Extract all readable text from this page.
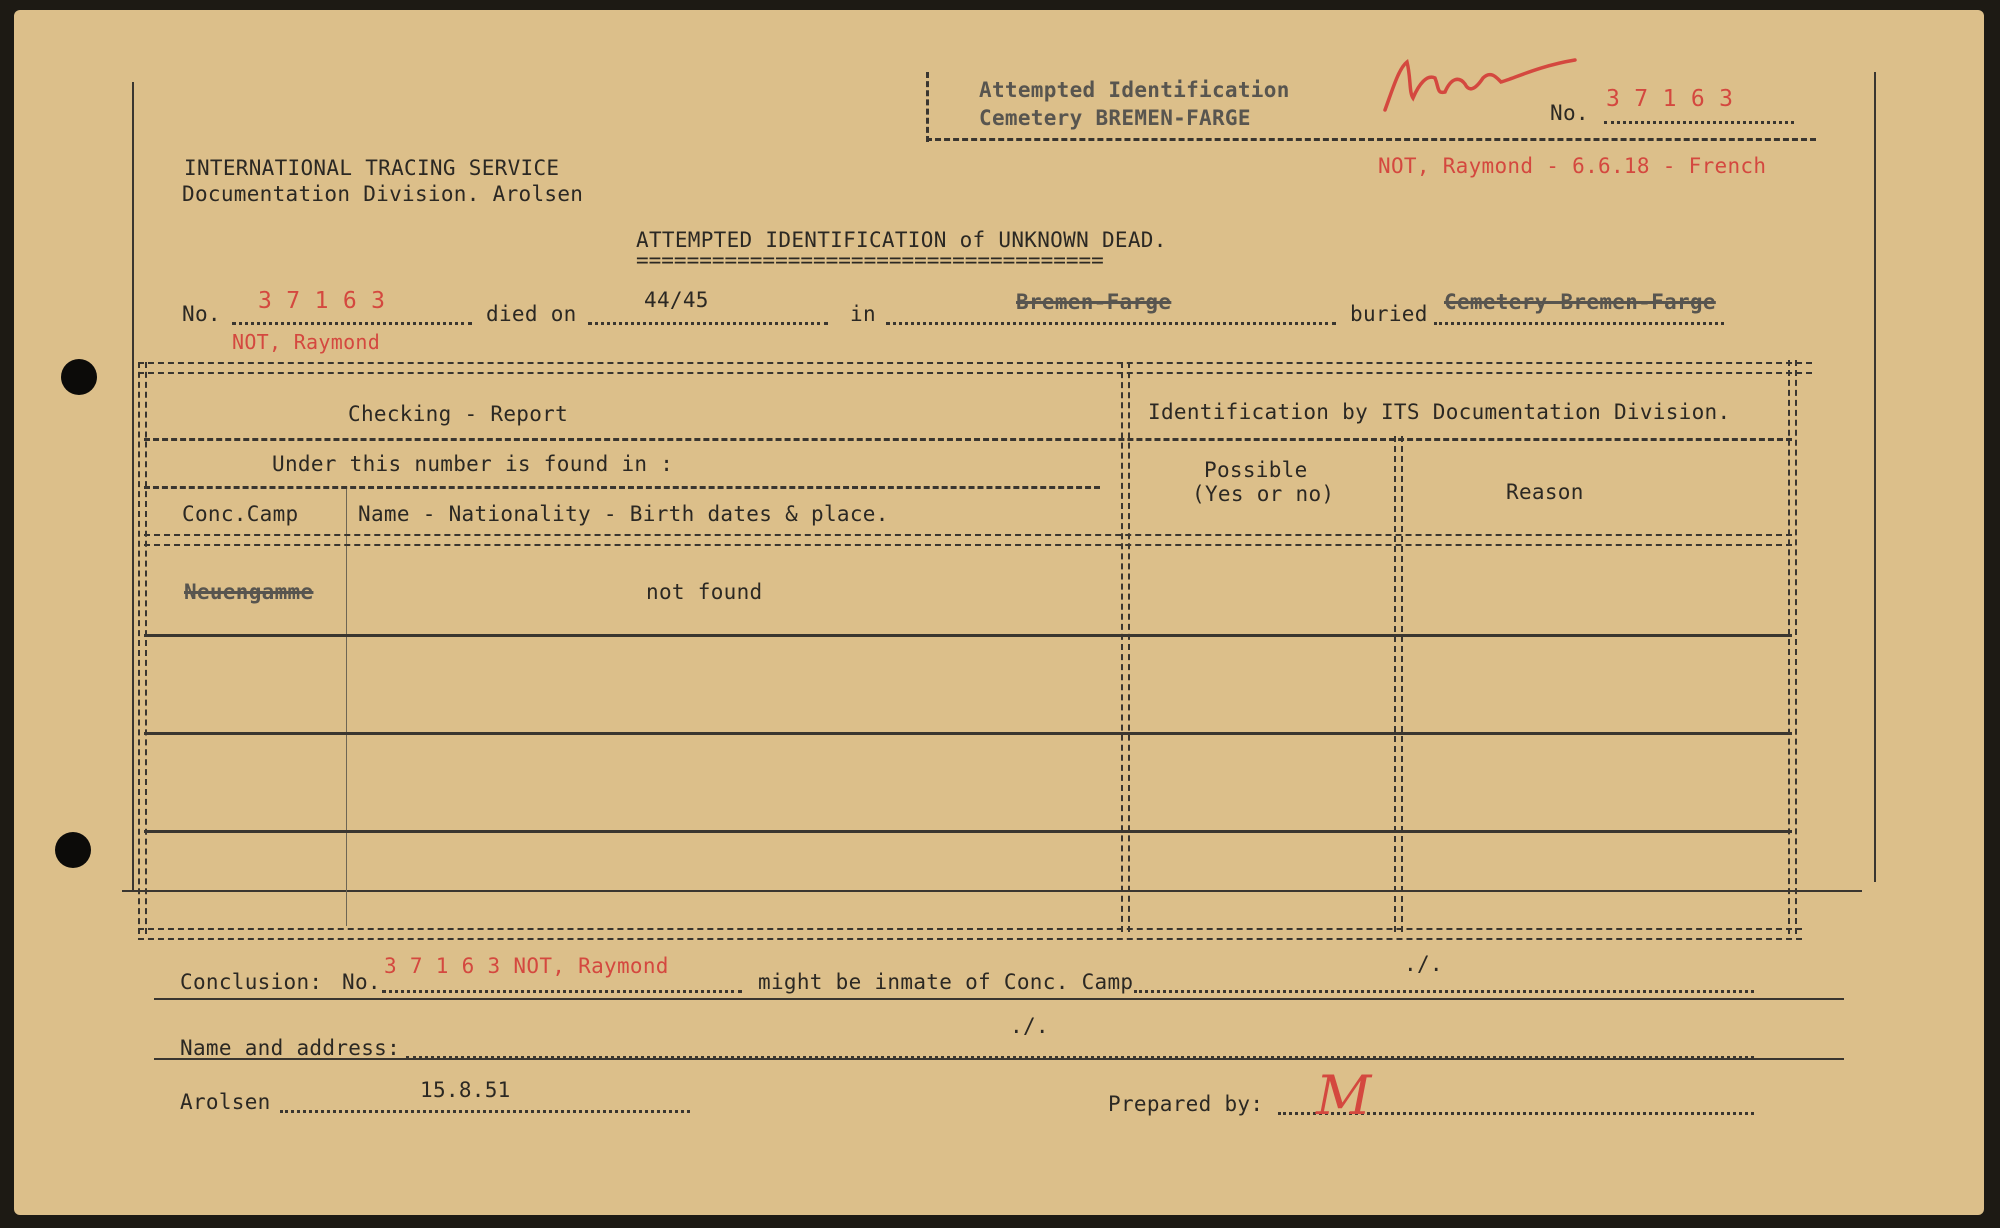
Attempted Identification
Cemetery BREMEN-FARGE	No.
3 7 1 6 3
NOT, Raymond - 6.6.18 - French
INTERNATIONAL TRACING SERVICE
Documentation Division. Arolsen
ATTEMPTED IDENTIFICATION of UNKNOWN DEAD.
=====================================
No. 3 7 1 6 3	died on
44/45
in	Bremen-Farge	buried Cemetery Bremen-Farge
NOT, Raymond
Checking - Report	Identification by ITS Documentation Division.
Under this number is found in :
Conc.Camp	Name - Nationality - Birth dates & place.
Possible
(Yes or no)	Reason
Neuengamme	not found
Conclusion: No.
3 7 1 6 3 NOT, Raymond
might be inmate of Conc. Camp
./.
Name and address:
./.
Arolsen	15.8.51
Prepared by: M
